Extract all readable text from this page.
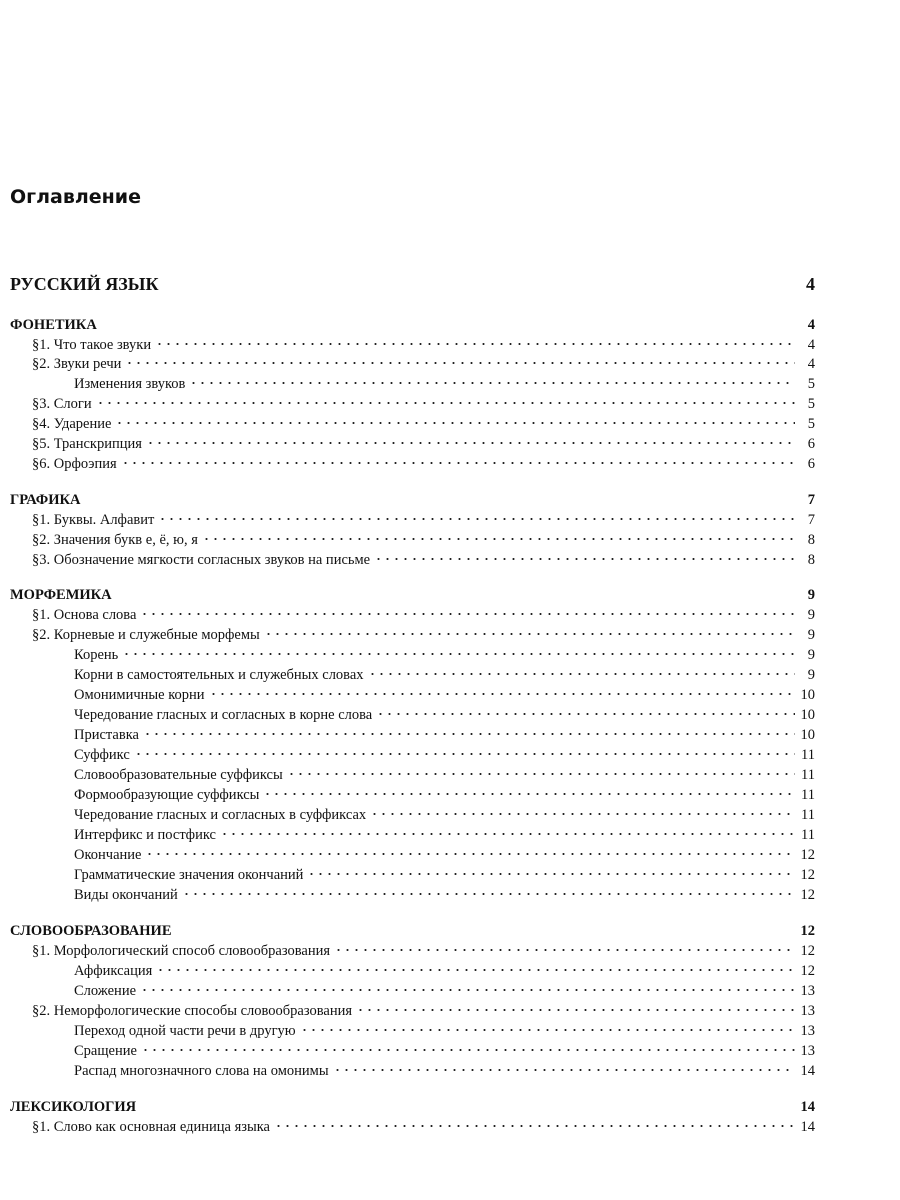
Оглавление
РУССКИЙ ЯЗЫК	4
ФОНЕТИКА	4
§1. Что такое звуки	4
§2. Звуки речи	4
Изменения звуков	5
§3. Слоги	5
§4. Ударение	5
§5. Транскрипция	6
§6. Орфоэпия	6
ГРАФИКА	7
§1. Буквы. Алфавит	7
§2. Значения букв е, ё, ю, я	8
§3. Обозначение мягкости согласных звуков на письме	8
МОРФЕМИКА	9
§1. Основа слова	9
§2. Корневые и служебные морфемы	9
Корень	9
Корни в самостоятельных и служебных словах	9
Омонимичные корни	10
Чередование гласных и согласных в корне слова	10
Приставка	10
Суффикс	11
Словообразовательные суффиксы	11
Формообразующие суффиксы	11
Чередование гласных и согласных в суффиксах	11
Интерфикс и постфикс	11
Окончание	12
Грамматические значения окончаний	12
Виды окончаний	12
СЛОВООБРАЗОВАНИЕ	12
§1. Морфологический способ словообразования	12
Аффиксация	12
Сложение	13
§2. Неморфологические способы словообразования	13
Переход одной части речи в другую	13
Сращение	13
Распад многозначного слова на омонимы	14
ЛЕКСИКОЛОГИЯ	14
§1. Слово как основная единица языка	14
